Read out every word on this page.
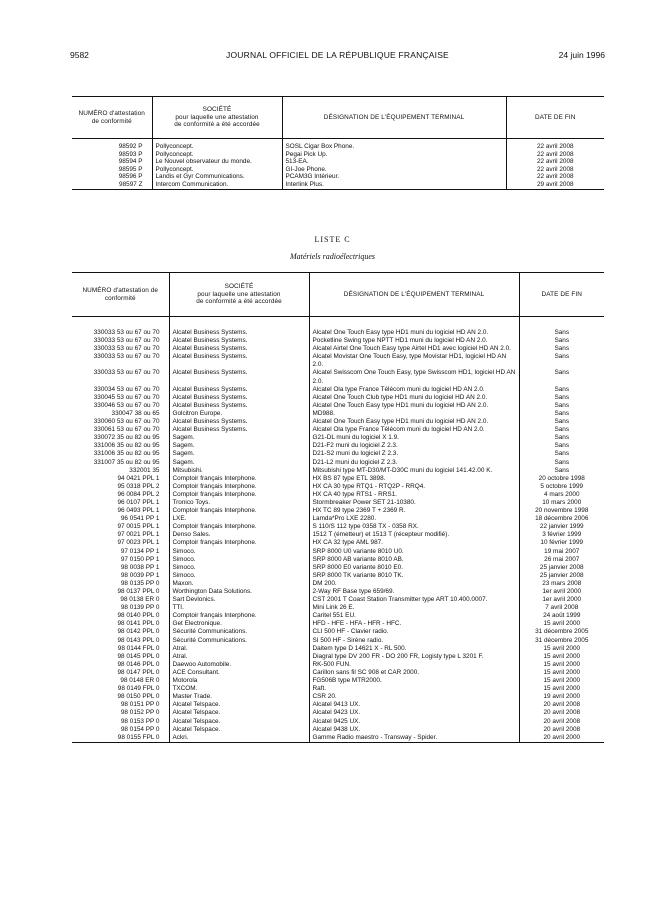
9582	JOURNAL OFFICIEL DE LA RÉPUBLIQUE FRANÇAISE	24 juin 1996
NUMÉRO d'attestation de conformité	SOCIÉTÉ
pour laquelle une attestation
de conformité a été accordée	DÉSIGNATION DE L'ÉQUIPEMENT TERMINAL	DATE DE FIN

98592 P	Pollyconcept.	SOSL Cigar Box Phone.	22 avril 2008
98593 P	Pollyconcept.	Pegai Pick Up.	22 avril 2008
98594 P	Le Nouvel observateur du monde.	513-EA.	22 avril 2008
98595 P	Pollyconcept.	GI-Joe Phone.	22 avril 2008
98596 P	Landis et Gyr Communications.	PCAM3G Intérieur.	22 avril 2008
98597 Z	Intercom Communication.	Interlink Plus.	29 avril 2008
LISTE C
Matériels radioélectriques
NUMÉRO d'attestation de conformité	SOCIÉTÉ
pour laquelle une attestation
de conformité a été accordée	DÉSIGNATION DE L'ÉQUIPEMENT TERMINAL	DATE DE FIN

330033 53 ou 67 ou 70	Alcatel Business Systems.	Alcatel One Touch Easy type HD1 muni du logiciel HD AN 2.0.	Sans
330033 53 ou 67 ou 70	Alcatel Business Systems.	Pocketline Swing type NPTT HD1 muni du logiciel HD AN 2.0.	Sans
330033 53 ou 67 ou 70	Alcatel Business Systems.	Alcatel Airtel One Touch Easy type Airtel HD1 avec logiciel HD AN 2.0.	Sans
330033 53 ou 67 ou 70	Alcatel Business Systems.	Alcatel Movistar One Touch Easy, type Movistar HD1, logiciel HD AN 2.0.	Sans
330033 53 ou 67 ou 70	Alcatel Business Systems.	Alcatel Swisscom One Touch Easy, type Swisscom HD1, logiciel HD AN 2.0.	Sans
330034 53 ou 67 ou 70	Alcatel Business Systems.	Alcatel Ola type France Télécom muni du logiciel HD AN 2.0.	Sans
330045 53 ou 67 ou 70	Alcatel Business Systems.	Alcatel One Touch Club type HD1 muni du logiciel HD AN 2.0.	Sans
330046 53 ou 67 ou 70	Alcatel Business Systems.	Alcatel One Touch Easy type HD1 muni du logiciel HD AN 2.0.	Sans
330047 38 ou 65	Golcitron Europe.	MD988.	Sans
330060 53 ou 67 ou 70	Alcatel Business Systems.	Alcatel One Touch Easy type HD1 muni du logiciel HD AN 2.0.	Sans
330061 53 ou 67 ou 70	Alcatel Business Systems.	Alcatel Ola type France Télécom muni du logiciel HD AN 2.0.	Sans
330072 35 ou 82 ou 95	Sagem.	G21-DL muni du logiciel X 1.9.	Sans
331006 35 ou 82 ou 95	Sagem.	D21-F2 muni du logiciel Z 2.3.	Sans
331006 35 ou 82 ou 95	Sagem.	D21-S2 muni du logiciel Z 2.3.	Sans
331007 35 ou 82 ou 95	Sagem.	D21-L2 muni du logiciel Z 2.3.	Sans
332001 35	Mitsubishi.	Mitsubishi type MT-D30/MT-D30C muni du logiciel 141.42.00 K.	Sans
94 0421 PPL 1	Comptoir français Interphone.	HX BS 87 type ETL 3898.	20 octobre 1998
95 0318 PPL 2	Comptoir français Interphone.	HX CA 30 type RTQ1 - RTQ2P - RRQ4.	5 octobre 1999
96 0084 PPL 2	Comptoir français Interphone.	HX CA 40 type RTS1 - RRS1.	4 mars 2000
96 0107 PPL 1	Tronico Toys.	Stormbreaker Power SET 21-10380.	10 mars 2000
96 0493 PPL 1	Comptoir français Interphone.	HX TC 89 type 2369 T + 2369 R.	20 novembre 1998
96 0541 PP 1	LXE.	Lamda*Pro LXE 2280.	18 décembre 2006
97 0015 PPL 1	Comptoir français Interphone.	S 110/S 112 type 0358 TX - 0358 RX.	22 janvier 1999
97 0021 PPL 1	Denso Sales.	1512 T (émetteur) et 1513 T (récepteur modifié).	3 février 1999
97 0023 PPL 1	Comptoir français Interphone.	HX CA 32 type AML 987.	10 février 1999
97 0134 PP 1	Simoco.	SRP 8000 U0 variante 8010 U0.	19 mai 2007
97 0150 PP 1	Simoco.	SRP 8000 AB variante 8010 AB.	26 mai 2007
98 0038 PP 1	Simoco.	SRP 8000 E0 variante 8010 E0.	25 janvier 2008
98 0039 PP 1	Simoco.	SRP 8000 TK variante 8010 TK.	25 janvier 2008
98 0135 PP 0	Maxon.	DM 200.	23 mars 2008
98 0137 PPL 0	Worthington Data Solutions.	2-Way RF Base type 659/69.	1er avril 2000
98 0138 ER 0	Sart Devlonics.	CST 2001 T Coast Station Transmitter type ART 10.400.0007.	1er avril 2000
98 0139 PP 0	TTI.	Mini Link 26 E.	7 avril 2008
98 0140 PPL 0	Comptoir français Interphone.	Caritel 551 EU.	24 août 1999
98 0141 PPL 0	Get Electronique.	HFD - HFE - HFA - HFR - HFC.	15 avril 2000
98 0142 PPL 0	Sécurité Communications.	CLI 500 HF - Clavier radio.	31 décembre 2005
98 0143 PPL 0	Sécurité Communications.	SI 500 HF - Sirène radio.	31 décembre 2005
98 0144 FPL 0	Atral.	Daitem type D 14621 X - RL 500.	15 avril 2000
98 0145 PPL 0	Atral.	Diagral type DV 200 FR - DO 200 FR, Logisty type L 3201 F.	15 avril 2000
98 0146 PPL 0	Daewoo Automobile.	RK-500 FUN.	15 avril 2000
98 0147 PPL 0	ACE Consultant.	Carillon sans fil SC 908 et CAR 2000.	15 avril 2000
98 0148 ER 0	Motorola	FG506B type MTR2000.	15 avril 2000
98 0149 FPL 0	TXCOM.	Raft.	15 avril 2000
98 0150 PPL 0	Master Trade.	CSR 20.	19 avril 2000
98 0151 PP 0	Alcatel Telspace.	Alcatel 9413 UX.	20 avril 2008
98 0152 PP 0	Alcatel Telspace.	Alcatel 9423 UX.	20 avril 2008
98 0153 PP 0	Alcatel Telspace.	Alcatel 9425 UX.	20 avril 2008
98 0154 PP 0	Alcatel Telspace.	Alcatel 9438 UX.	20 avril 2008
98 0155 FPL 0	Ackri.	Gamme Radio maestro - Transway - Spider.	20 avril 2000
